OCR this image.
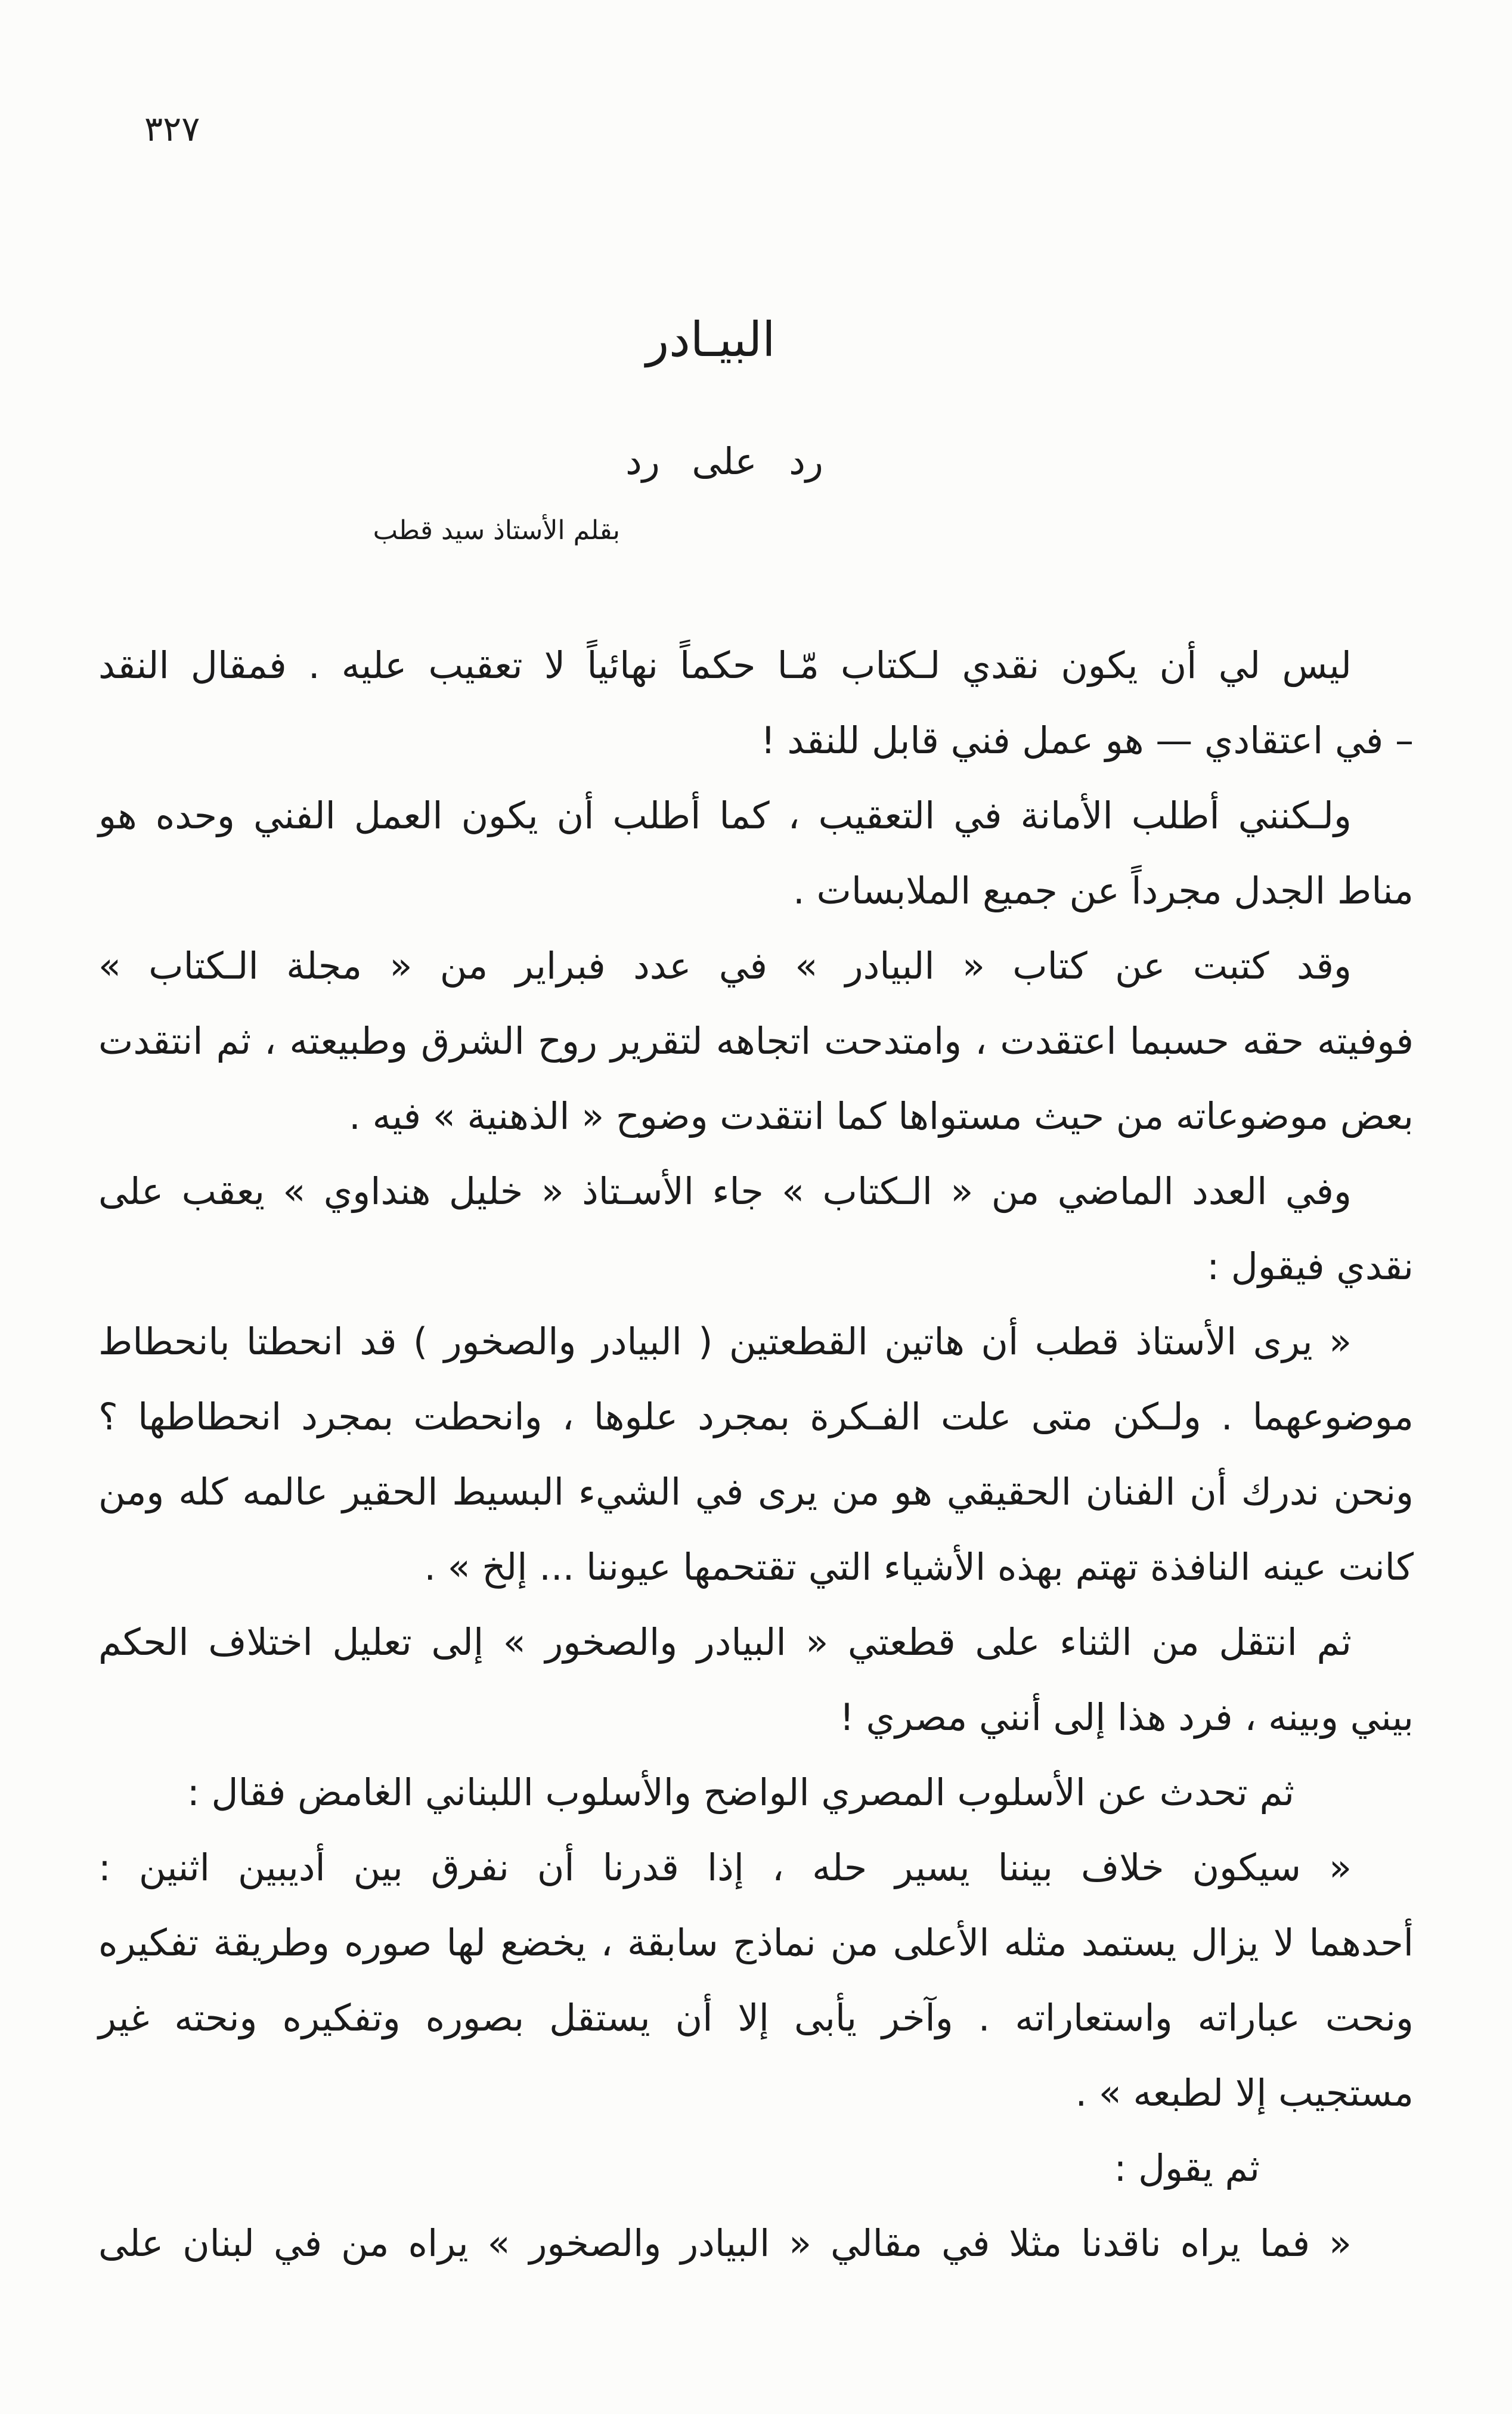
٣٢٧
البيـادر
رد على رد
بقلم الأستاذ سيد قطب

ليس لي أن يكون نقدي لـكتاب مّـا حكماً نهائياً لا تعقيب عليه . فمقال النقد

– في اعتقادي — هو عمل فني قابل للنقد !

ولـكنني أطلب الأمانة في التعقيب ، كما أطلب أن يكون العمل الفني وحده هو

مناط الجدل مجرداً عن جميع الملابسات .

وقد كتبت عن كتاب « البيادر » في عدد فبراير من « مجلة الـكتاب »

فوفيته حقه حسبما اعتقدت ، وامتدحت اتجاهه لتقرير روح الشرق وطبيعته ، ثم انتقدت

بعض موضوعاته من حيث مستواها كما انتقدت وضوح « الذهنية » فيه .

وفي العدد الماضي من « الـكتاب » جاء الأسـتاذ « خليل هنداوي » يعقب على

نقدي فيقول :

« يرى الأستاذ قطب أن هاتين القطعتين ( البيادر والصخور ) قد انحطتا بانحطاط

موضوعهما . ولـكن متى علت الفـكرة بمجرد علوها ، وانحطت بمجرد انحطاطها ؟

ونحن ندرك أن الفنان الحقيقي هو من يرى في الشيء البسيط الحقير عالمه كله ومن

كانت عينه النافذة تهتم بهذه الأشياء التي تقتحمها عيوننا ... إلخ » .

ثم انتقل من الثناء على قطعتي « البيادر والصخور » إلى تعليل اختلاف الحكم

بيني وبينه ، فرد هذا إلى أنني مصري !

ثم تحدث عن الأسلوب المصري الواضح والأسلوب اللبناني الغامض فقال :

« سيكون خلاف بيننا يسير حله ، إذا قدرنا أن نفرق بين أديبين اثنين :

أحدهما لا يزال يستمد مثله الأعلى من نماذج سابقة ، يخضع لها صوره وطريقة تفكيره

ونحت عباراته واستعاراته . وآخر يأبى إلا أن يستقل بصوره وتفكيره ونحته غير

مستجيب إلا لطبعه » .

ثم يقول :

« فما يراه ناقدنا مثلا في مقالي « البيادر والصخور » يراه من في لبنان على
